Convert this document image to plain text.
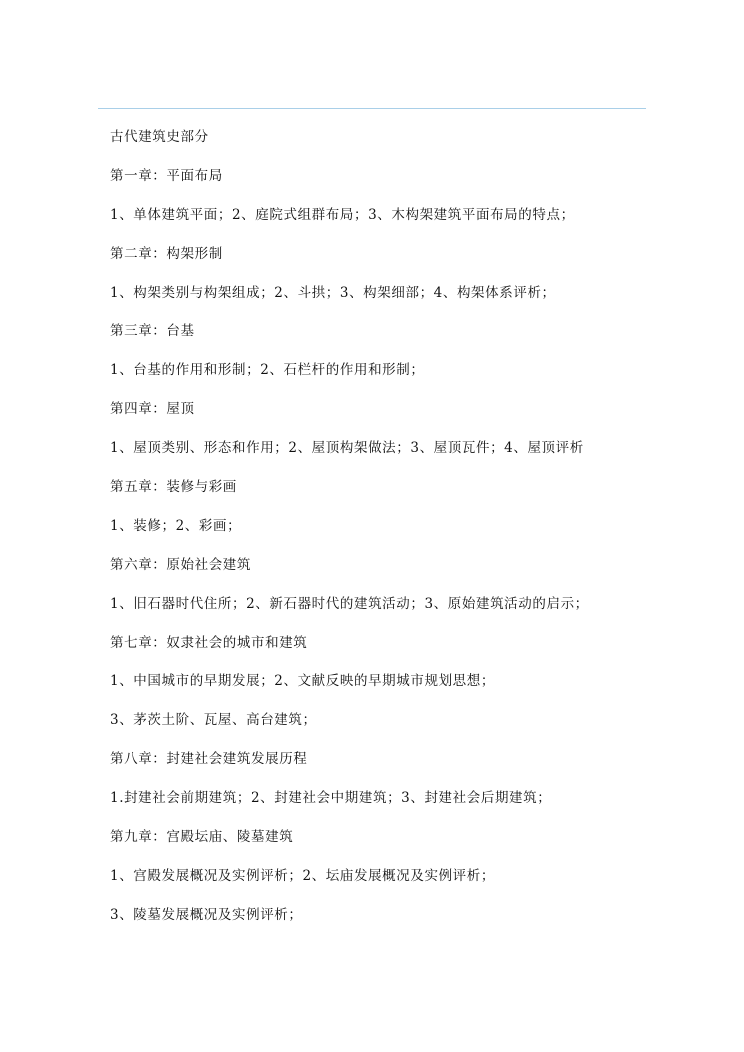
古代建筑史部分
第一章：平面布局
1、单体建筑平面；2、庭院式组群布局；3、木构架建筑平面布局的特点；
第二章：构架形制
1、构架类别与构架组成；2、斗拱；3、构架细部；4、构架体系评析；
第三章：台基
1、台基的作用和形制；2、石栏杆的作用和形制；
第四章：屋顶
1、屋顶类别、形态和作用；2、屋顶构架做法；3、屋顶瓦件；4、屋顶评析
第五章：装修与彩画
1、装修；2、彩画；
第六章：原始社会建筑
1、旧石器时代住所；2、新石器时代的建筑活动；3、原始建筑活动的启示；
第七章：奴隶社会的城市和建筑
1、中国城市的早期发展；2、文献反映的早期城市规划思想；
3、茅茨土阶、瓦屋、高台建筑；
第八章：封建社会建筑发展历程
1.封建社会前期建筑；2、封建社会中期建筑；3、封建社会后期建筑；
第九章：宫殿坛庙、陵墓建筑
1、宫殿发展概况及实例评析；2、坛庙发展概况及实例评析；
3、陵墓发展概况及实例评析；
